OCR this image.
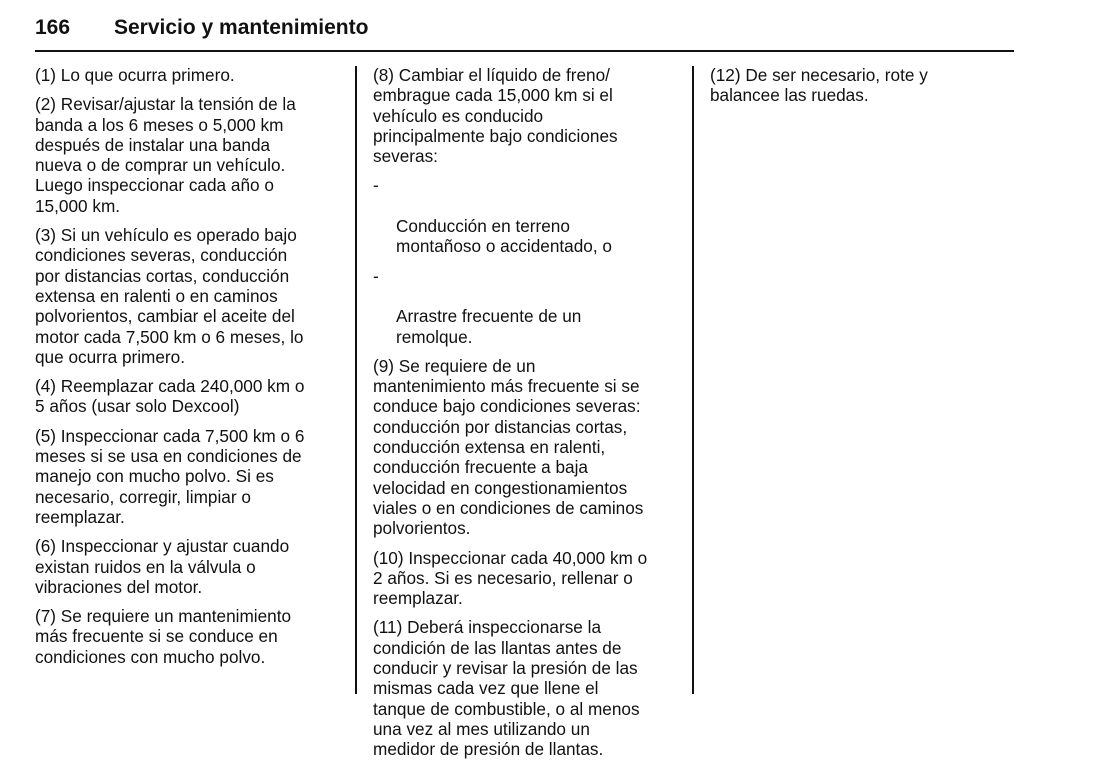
166 Servicio y mantenimiento

(1) Lo que ocurra primero.

(2) Revisar/ajustar la tensión de la
banda a los 6 meses o 5,000 km
después de instalar una banda
nueva o de comprar un vehículo.
Luego inspeccionar cada año o
15,000 km.

(3) Si un vehículo es operado bajo
condiciones severas, conducción
por distancias cortas, conducción
extensa en ralenti o en caminos
polvorientos, cambiar el aceite del
motor cada 7,500 km o 6 meses, lo
que ocurra primero.

(4) Reemplazar cada 240,000 km o
5 años (usar solo Dexcool)

(5) Inspeccionar cada 7,500 km o 6
meses si se usa en condiciones de
manejo con mucho polvo. Si es
necesario, corregir, limpiar o
reemplazar.

(6) Inspeccionar y ajustar cuando
existan ruidos en la válvula o
vibraciones del motor.

(7) Se requiere un mantenimiento
más frecuente si se conduce en
condiciones con mucho polvo.

(8) Cambiar el líquido de freno/
embrague cada 15,000 km si el
vehículo es conducido
principalmente bajo condiciones
severas:

-

Conducción en terreno
montañoso o accidentado, o

-

Arrastre frecuente de un
remolque.

(9) Se requiere de un
mantenimiento más frecuente si se
conduce bajo condiciones severas:
conducción por distancias cortas,
conducción extensa en ralenti,
conducción frecuente a baja
velocidad en congestionamientos
viales o en condiciones de caminos
polvorientos.

(10) Inspeccionar cada 40,000 km o
2 años. Si es necesario, rellenar o
reemplazar.

(11) Deberá inspeccionarse la
condición de las llantas antes de
conducir y revisar la presión de las
mismas cada vez que llene el
tanque de combustible, o al menos
una vez al mes utilizando un
medidor de presión de llantas.

(12) De ser necesario, rote y
balancee las ruedas.
